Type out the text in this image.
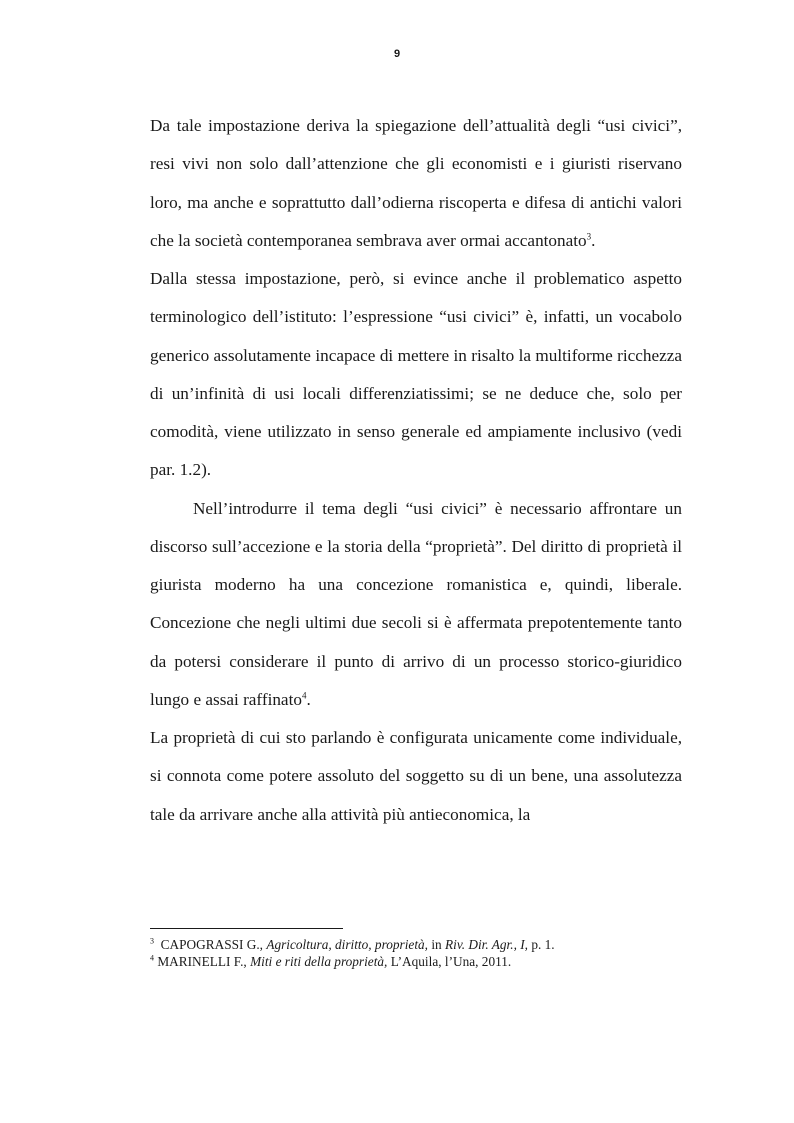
9

Da tale impostazione deriva la spiegazione dell’attualità degli “usi civici”, resi vivi non solo dall’attenzione che gli economisti e i giuristi riservano loro, ma anche e soprattutto dall’odierna riscoperta e difesa di antichi valori che la società contemporanea sembrava aver ormai accantonato$^3$.

Dalla stessa impostazione, però, si evince anche il problematico aspetto terminologico dell’istituto: l’espressione “usi civici” è, infatti, un vocabolo generico assolutamente incapace di mettere in risalto la multiforme ricchezza di un’infinità di usi locali differenziatissimi; se ne deduce che, solo per comodità, viene utilizzato in senso generale ed ampiamente inclusivo (vedi par. 1.2).

Nell’introdurre il tema degli “usi civici” è necessario affrontare un discorso sull’accezione e la storia della “proprietà”. Del diritto di proprietà il giurista moderno ha una concezione romanistica e, quindi, liberale. Concezione che negli ultimi due secoli si è affermata prepotentemente tanto da potersi considerare il punto di arrivo di un processo storico-giuridico lungo e assai raffinato$^4$.

La proprietà di cui sto parlando è configurata unicamente come individuale, si connota come potere assoluto del soggetto su di un bene, una assolutezza tale da arrivare anche alla attività più antieconomica, la

$^3$ CAPOGRASSI G., Agricoltura, diritto, proprietà, in Riv. Dir. Agr., I, p. 1.
$^4$ MARINELLI F., Miti e riti della proprietà, L’Aquila, l’Una, 2011.
